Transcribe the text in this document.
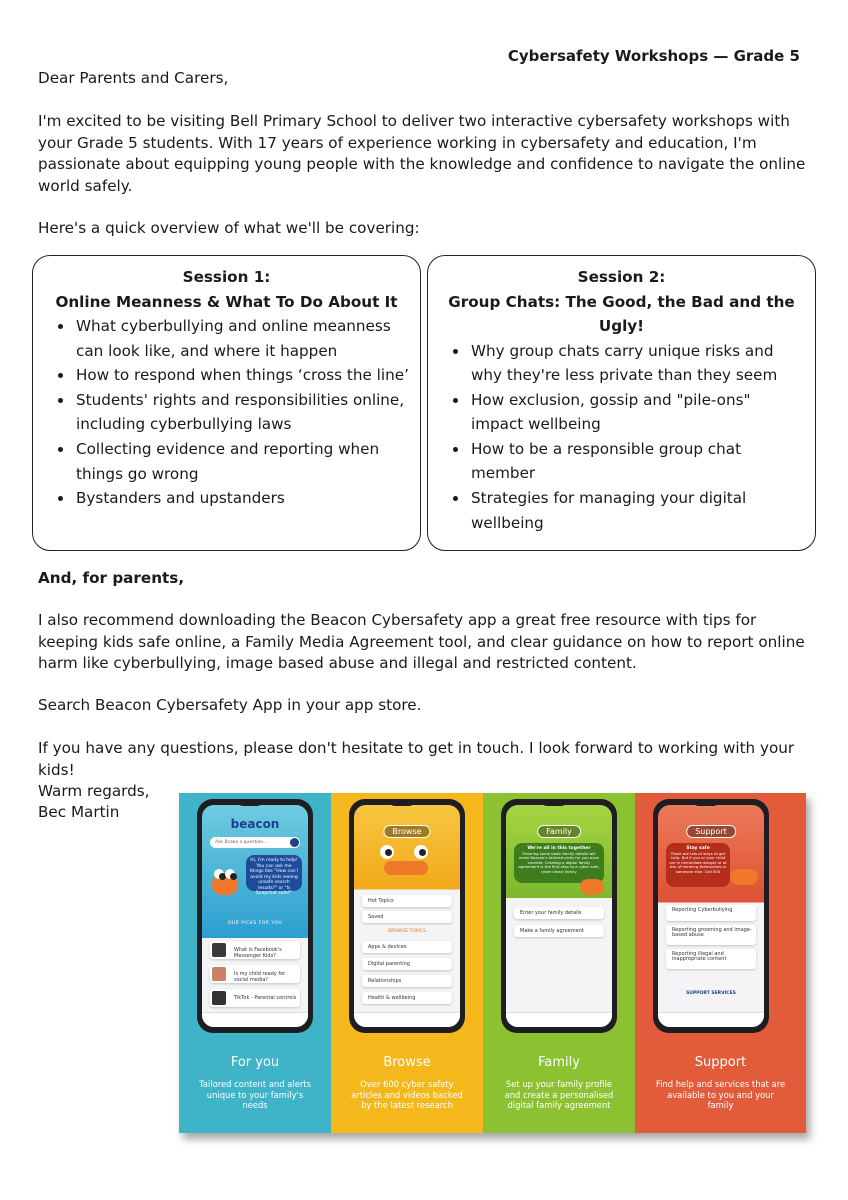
Cybersafety Workshops — Grade 5

Dear Parents and Carers,

I'm excited to be visiting Bell Primary School to deliver two interactive cybersafety workshops with your Grade 5 students. With 17 years of experience working in cybersafety and education, I'm passionate about equipping young people with the knowledge and confidence to navigate the online world safely.

Here's a quick overview of what we'll be covering:

Session 1:
Online Meanness & What To Do About It
• What cyberbullying and online meanness can look like, and where it happen
• How to respond when things ‘cross the line’
• Students' rights and responsibilities online, including cyberbullying laws
• Collecting evidence and reporting when things go wrong
• Bystanders and upstanders
Session 2:
Group Chats: The Good, the Bad and the Ugly!
• Why group chats carry unique risks and why they're less private than they seem
• How exclusion, gossip and "pile-ons" impact wellbeing
• How to be a responsible group chat member
• Strategies for managing your digital wellbeing

And, for parents,

I also recommend downloading the Beacon Cybersafety app a great free resource with tips for keeping kids safe online, a Family Media Agreement tool, and clear guidance on how to report online harm like cyberbullying, image based abuse and illegal and restricted content.

Search Beacon Cybersafety App in your app store.

If you have any questions, please don't hesitate to get in touch. I look forward to working with your kids!

Warm regards,

Bec Martin

beacon
Ask Bcaka a question...
Hi, I'm ready to help! You can ask me things like "How can I avoid my kids seeing unsafe search results?" or "Is Snapchat safe?"
OUR PICKS FOR YOU
What is Facebook's Messenger Kids?
Is my child ready for social media?
TikTok - Parental controls
For you
Tailored content and alerts unique to your family's needs
Browse
Hot Topics
Saved
BROWSE TOPICS
Apps & devices
Digital parenting
Relationships
Health & wellbeing
Browse
Over 600 cyber safety articles and videos backed by the latest research
Family
We're all in this together
Entering some basic family details will make Beacon's tailored picks for you even smarter. Creating a digital family agreement is the first step to a cyber safe, cyber smart family.
Enter your family details
Make a family agreement
Family
Set up your family profile and create a personalised digital family agreement
Support
Stay safe
There are lots of ways to get help. But if you or your child are in immediate danger or at risk of harming themselves or someone else. Call 000
Reporting Cyberbullying
Reporting grooming and image-based abuse
Reporting illegal and inappropriate content
SUPPORT SERVICES
Support
Find help and services that are available to you and your family
